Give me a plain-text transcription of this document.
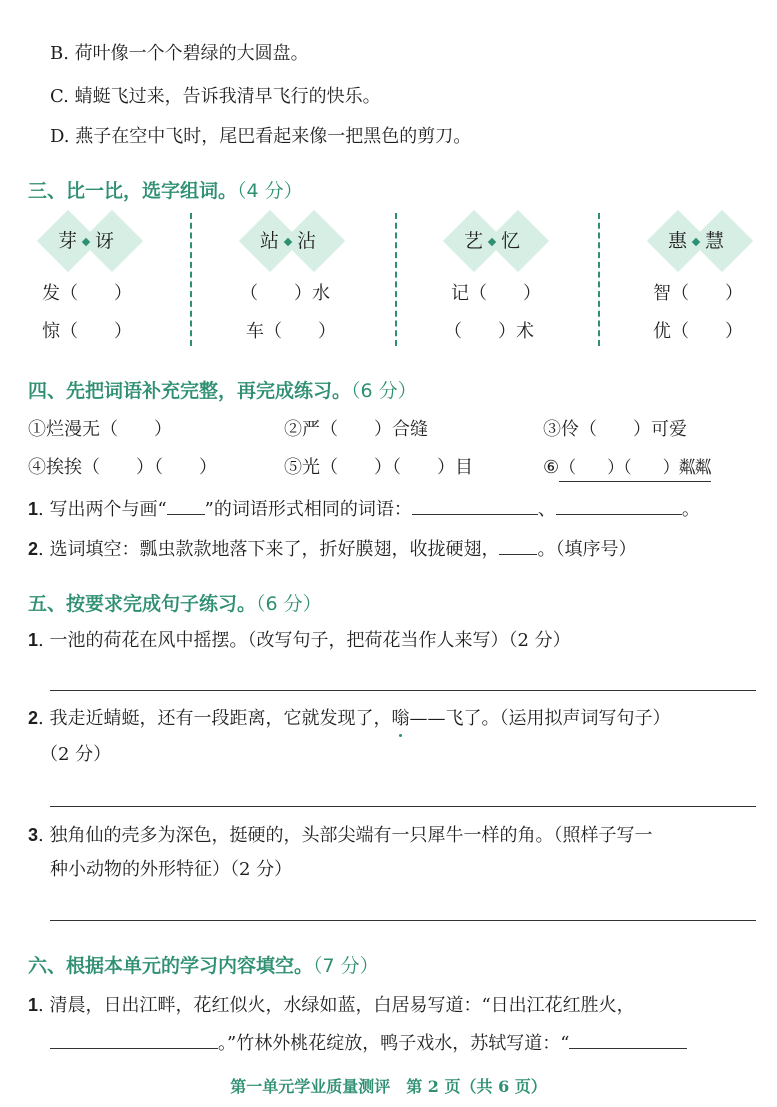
B. 荷叶像一个个碧绿的大圆盘。
C. 蜻蜓飞过来，告诉我清早飞行的快乐。
D. 燕子在空中飞时，尾巴看起来像一把黑色的剪刀。
三、比一比，选字组词。（4 分）
芽 讶
发（　　）
惊（　　）
站 沾
（　　）水
车（　　）
艺 忆
记（　　）
（　　）术
惠 慧
智（　　）
优（　　）
四、先把词语补充完整，再完成练习。（6 分）
①烂漫无（　　）	②严（　　）合缝	③伶（　　）可爱
④挨挨（　　）（　　）	⑤光（　　）（　　）目	⑥（　　）（　　）粼粼
1. 写出两个与画“ ”的词语形式相同的词语：	、	。
2. 选词填空：瓢虫款款地落下来了，折好膜翅，收拢硬翅， 。（填序号）
五、按要求完成句子练习。（6 分）
1. 一池的荷花在风中摇摆。（改写句子，把荷花当作人来写）（2 分）
2. 我走近蜻蜓，还有一段距离，它就发现了，嗡——飞了。（运用拟声词写句子）
（2 分）
3. 独角仙的壳多为深色，挺硬的，头部尖端有一只犀牛一样的角。（照样子写一
种小动物的外形特征）（2 分）
六、根据本单元的学习内容填空。（7 分）
1. 清晨，日出江畔，花红似火，水绿如蓝，白居易写道：“日出江花红胜火，
。”竹林外桃花绽放，鸭子戏水，苏轼写道：“
第一单元学业质量测评　第 2 页（共 6 页）
